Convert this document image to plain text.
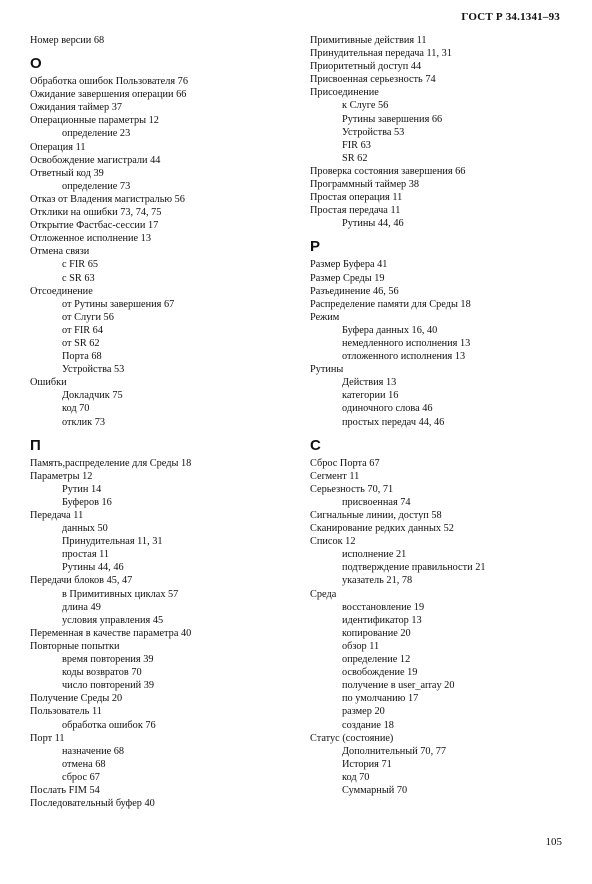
ГОСТ Р 34.1341–93
Номер версии 68
О
Обработка ошибок Пользователя 76
Ожидание завершения операции 66
Ожидания таймер 37
Операционные параметры 12
определение 23
Операция 11
Освобождение магистрали 44
Ответный код 39
определение 73
Отказ от Владения магистралью 56
Отклики на ошибки 73, 74, 75
Открытие Фастбас-сессии 17
Отложенное исполнение 13
Отмена связи
с FIR 65
с SR 63
Отсоединение
от Рутины завершения 67
от Слуги 56
от FIR 64
от SR 62
Порта 68
Устройства 53
Ошибки
Докладчик 75
код 70
отклик 73
П
Память,распределение для Среды 18
Параметры 12
Рутин 14
Буферов 16
Передача 11
данных 50
Принудительная 11, 31
простая 11
Рутины 44, 46
Передачи блоков 45, 47
в Примитивных циклах 57
длина 49
условия управления 45
Переменная в качестве параметра 40
Повторные попытки
время повторения 39
коды возвратов 70
число повторений 39
Получение Среды 20
Пользователь 11
обработка ошибок 76
Порт 11
назначение 68
отмена 68
сброс 67
Послать FIM 54
Последовательный буфер 40
Примитивные действия 11
Принудительная передача 11, 31
Приоритетный доступ 44
Присвоенная серьезность 74
Присоединение
к Слуге 56
Рутины завершения 66
Устройства 53
FIR 63
SR 62
Проверка состояния завершения 66
Программный таймер 38
Простая операция 11
Простая передача 11
Рутины 44, 46
Р
Размер Буфера 41
Размер Среды 19
Разъединение 46, 56
Распределение памяти для Среды 18
Режим
Буфера данных 16, 40
немедленного исполнения 13
отложенного исполнения 13
Рутины
Действия 13
категории 16
одиночного слова 46
простых передач 44, 46
С
Сброс Порта 67
Сегмент 11
Серьезность 70, 71
присвоенная 74
Сигнальные линии, доступ 58
Сканирование редких данных 52
Список 12
исполнение 21
подтверждение правильности 21
указатель 21, 78
Среда
восстановление 19
идентификатор 13
копирование 20
обзор 11
определение 12
освобождение 19
получение в user_array 20
по умолчанию 17
размер 20
создание 18
Статус (состояние)
Дополнительный 70, 77
История 71
код 70
Суммарный 70
105
